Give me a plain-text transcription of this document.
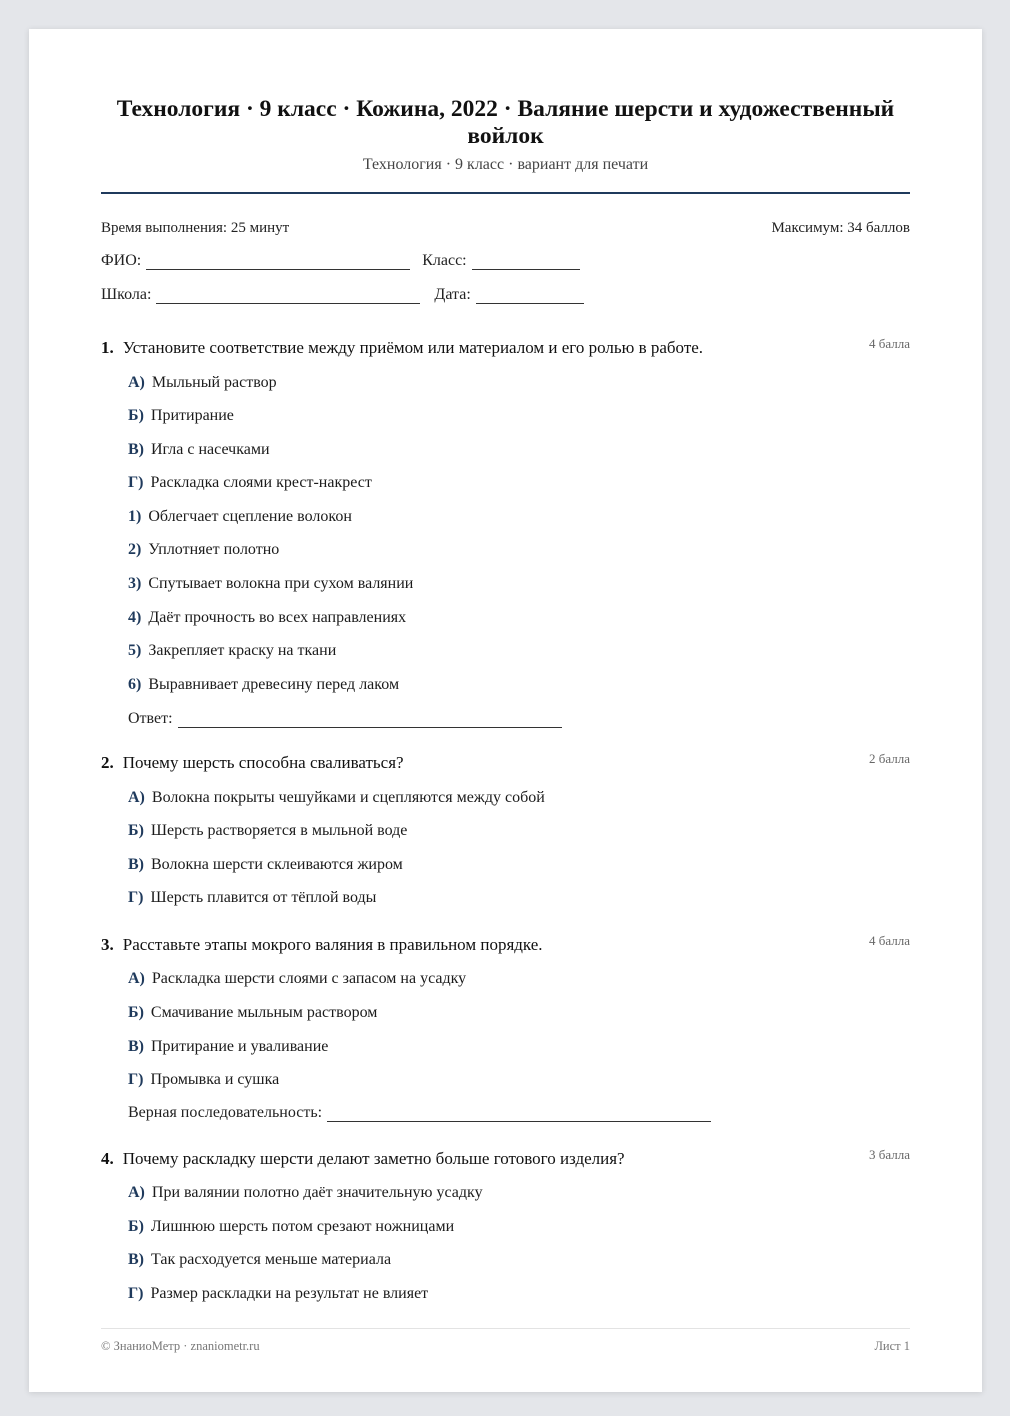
Технология · 9 класс · Кожина, 2022 · Валяние шерсти и художественный войлок
Технология · 9 класс · вариант для печати
Время выполнения: 25 минут	Максимум: 34 баллов
ФИО:	Класс:
Школа:	Дата:
1. Установите соответствие между приёмом или материалом и его ролью в работе.	4 балла
А) Мыльный раствор
Б) Притирание
В) Игла с насечками
Г) Раскладка слоями крест-накрест
1) Облегчает сцепление волокон
2) Уплотняет полотно
3) Спутывает волокна при сухом валянии
4) Даёт прочность во всех направлениях
5) Закрепляет краску на ткани
6) Выравнивает древесину перед лаком
Ответ:
2. Почему шерсть способна сваливаться?	2 балла
А) Волокна покрыты чешуйками и сцепляются между собой
Б) Шерсть растворяется в мыльной воде
В) Волокна шерсти склеиваются жиром
Г) Шерсть плавится от тёплой воды
3. Расставьте этапы мокрого валяния в правильном порядке.	4 балла
А) Раскладка шерсти слоями с запасом на усадку
Б) Смачивание мыльным раствором
В) Притирание и уваливание
Г) Промывка и сушка
Верная последовательность:
4. Почему раскладку шерсти делают заметно больше готового изделия?	3 балла
А) При валянии полотно даёт значительную усадку
Б) Лишнюю шерсть потом срезают ножницами
В) Так расходуется меньше материала
Г) Размер раскладки на результат не влияет
© ЗнаниоМетр · znaniometr.ru	Лист 1
